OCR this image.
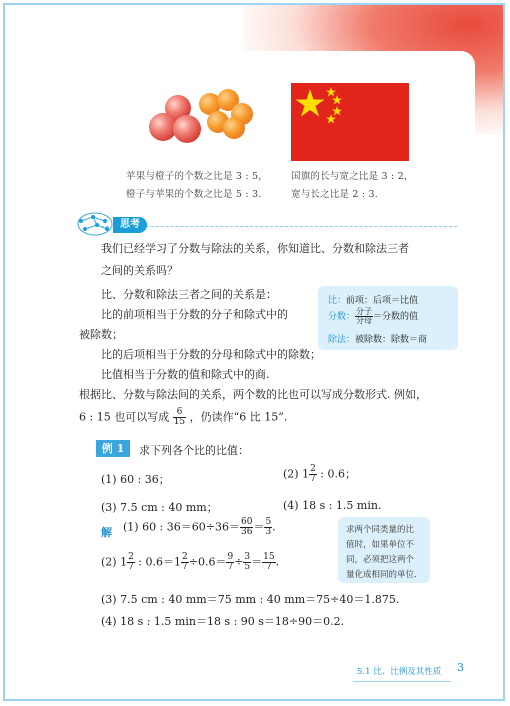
苹果与橙子的个数之比是 3 : 5，
橙子与苹果的个数之比是 5 : 3.
国旗的长与宽之比是 3 : 2，
宽与长之比是 2 : 3.
思考
我们已经学习了分数与除法的关系，你知道比、分数和除法三者
之间的关系吗？
比、分数和除法三者之间的关系是：
比的前项相当于分数的分子和除式中的
被除数；
比的后项相当于分数的分母和除式中的除数；
比值相当于分数的值和除式中的商.
根据比、分数与除法间的关系，两个数的比也可以写成分数形式. 例如，
6 : 15 也可以写成 $\frac{6}{15}$ ，仍读作“6 比 15”.
比：前项：后项＝比值
分数： $\frac{\text{分子}}{\text{分母}}$ ＝分数的值
除法：被除数：除数＝商
例 1	求下列各个比的比值：
(1) 60 : 36；	(2) $1 \frac{2}{7}$ : 0.6；
(3) 7.5 cm : 40 mm；	(4) 18 s : 1.5 min.
解 (1) 60 : $36=60\div 36= \frac{60}{36} = \frac{5}{3}$ .
(2) $1 \frac{2}{7}$ : $0.6=1 \frac{2}{7} \div 0.6= \frac{9}{7} \div \frac{3}{5} = \frac{15}{7}$ .
(3) 7.5 cm : 40 mm＝75 mm : 40 mm＝75÷40＝1.875.
(4) 18 s : 1.5 min＝18 s : 90 s＝18÷90＝0.2.
求两个同类量的比值时，如果单位不同，必须把这两个量化成相同的单位.
5.1 比、比例及其性质 3
